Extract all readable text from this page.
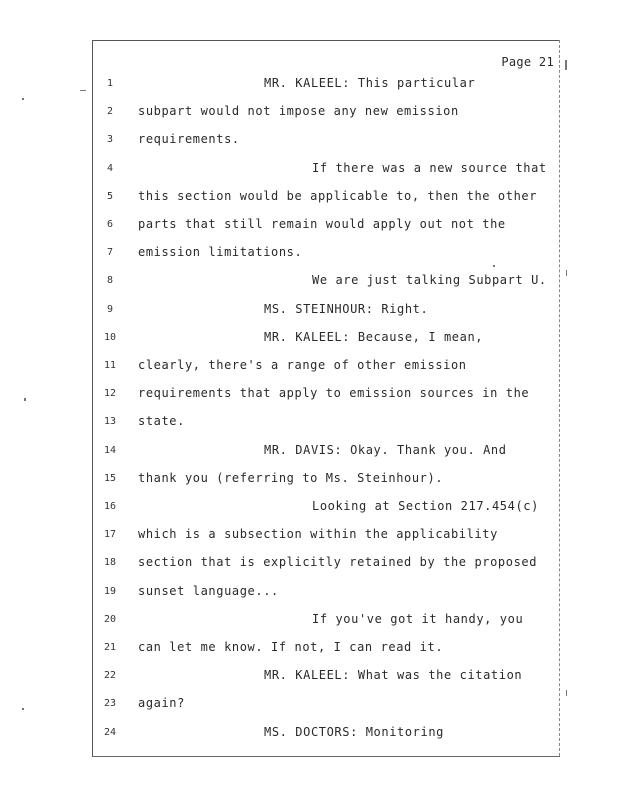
Page 21
1	MR. KALEEL: This particular
2	subpart would not impose any new emission
3	requirements.
4	If there was a new source that
5	this section would be applicable to, then the other
6	parts that still remain would apply out not the
7	emission limitations.
8	We are just talking Subpart U.
9	MS. STEINHOUR: Right.
10	MR. KALEEL: Because, I mean,
11	clearly, there's a range of other emission
12	requirements that apply to emission sources in the
13	state.
14	MR. DAVIS: Okay. Thank you. And
15	thank you (referring to Ms. Steinhour).
16	Looking at Section 217.454(c)
17	which is a subsection within the applicability
18	section that is explicitly retained by the proposed
19	sunset language...
20	If you've got it handy, you
21	can let me know. If not, I can read it.
22	MR. KALEEL: What was the citation
23	again?
24	MS. DOCTORS: Monitoring
